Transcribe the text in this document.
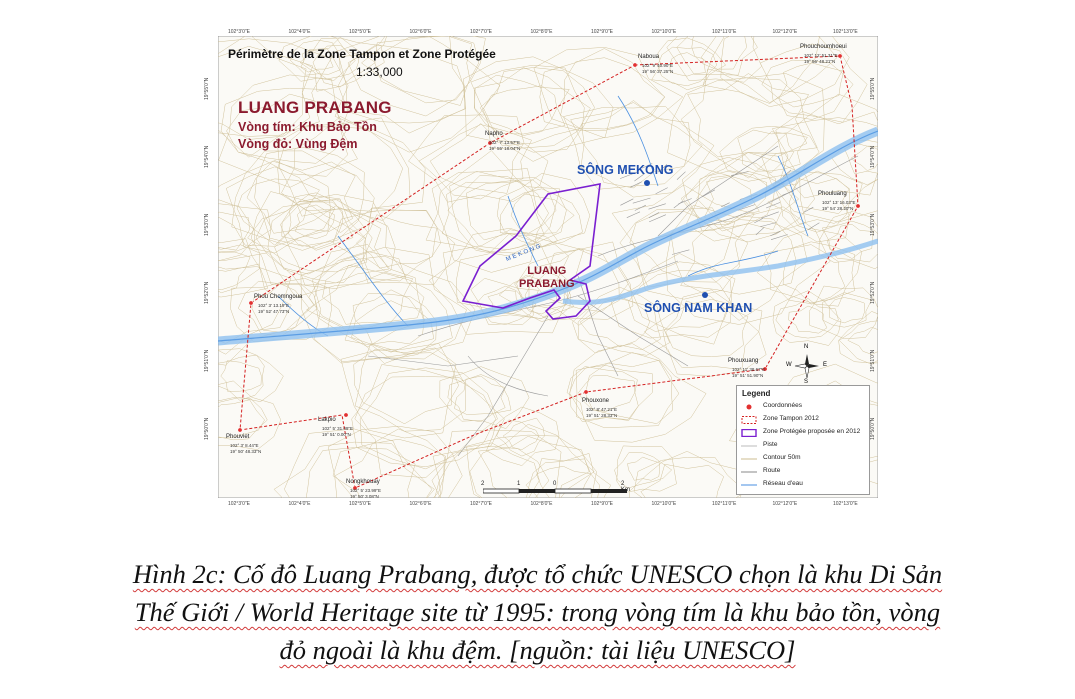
Périmètre de la Zone Tampon et Zone Protégée
1:33,000
LUANG PRABANG
Vòng tím: Khu Bảo Tồn
Vòng đỏ: Vùng Đệm
SÔNG MEKONG
SÔNG NAM KHAN
LUANG
PRABANG
MEKONG
102°3'0"E	102°4'0"E	102°5'0"E	102°6'0"E	102°7'0"E	102°8'0"E	102°9'0"E	102°10'0"E	102°11'0"E	102°12'0"E	102°13'0"E
102°3'0"E	102°4'0"E	102°5'0"E	102°6'0"E	102°7'0"E	102°8'0"E	102°9'0"E	102°10'0"E	102°11'0"E	102°12'0"E	102°13'0"E
19°55'0"N	19°55'0"N
19°54'0"N	19°54'0"N
19°53'0"N	19°53'0"N
19°52'0"N	19°52'0"N
19°51'0"N	19°51'0"N
19°50'0"N	19°50'0"N
Naboua
102° 9' 40.90"E
19° 56' 37.25"N
Phouchoumhoeui
102° 12' 51.31"E
19° 56' 48.21"N
Napho
102° 7' 13.57"E
19° 55' 18.04"N
Phouluang
102° 13' 16.03"E
19° 54' 28.20"N
Phou Chomngoua
102° 3' 13.19"E
19° 52' 47.73"N
Phouxuang
102° 11' 38.67"E
19° 51' 51.90"N
Phouxone
102° 8' 47.21"E
19° 51' 28.33"N
Phouviet
102° 3' 8.44"E
19° 50' 48.33"N
Lakpio
102° 5' 31.09"E
19° 51' 0.00"N
Nongkhouay
102° 5' 23.99"E
19° 50' 3.08"N
Legend
Coordonnées
Zone Tampon 2012
Zone Protégée proposée en 2012
Piste
Contour 50m
Route
Réseau d'eau
2	1	0	2 Km
N
W	E
S
Hình 2c: Cố đô Luang Prabang, được tổ chức UNESCO chọn là khu Di Sản
Thế Giới / World Heritage site từ 1995: trong vòng tím là khu bảo tồn, vòng
đỏ ngoài là khu đệm. [nguồn: tài liệu UNESCO]
